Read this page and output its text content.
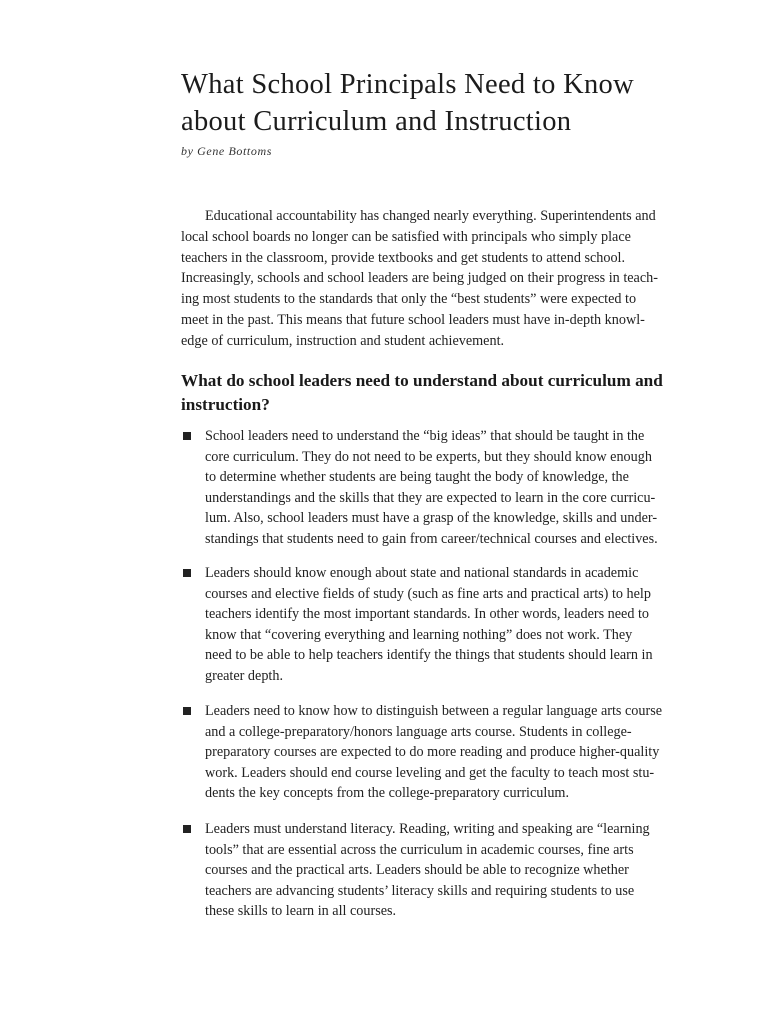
What School Principals Need to Know
about Curriculum and Instruction

by Gene Bottoms

Educational accountability has changed nearly everything. Superintendents and
local school boards no longer can be satisfied with principals who simply place
teachers in the classroom, provide textbooks and get students to attend school.
Increasingly, schools and school leaders are being judged on their progress in teach-
ing most students to the standards that only the “best students” were expected to
meet in the past. This means that future school leaders must have in-depth knowl-
edge of curriculum, instruction and student achievement.

What do school leaders need to understand about curriculum and
instruction?
School leaders need to understand the “big ideas” that should be taught in the
core curriculum. They do not need to be experts, but they should know enough
to determine whether students are being taught the body of knowledge, the
understandings and the skills that they are expected to learn in the core curricu-
lum. Also, school leaders must have a grasp of the knowledge, skills and under-
standings that students need to gain from career/technical courses and electives.
Leaders should know enough about state and national standards in academic
courses and elective fields of study (such as fine arts and practical arts) to help
teachers identify the most important standards. In other words, leaders need to
know that “covering everything and learning nothing” does not work. They
need to be able to help teachers identify the things that students should learn in
greater depth.
Leaders need to know how to distinguish between a regular language arts course
and a college-preparatory/honors language arts course. Students in college-
preparatory courses are expected to do more reading and produce higher-quality
work. Leaders should end course leveling and get the faculty to teach most stu-
dents the key concepts from the college-preparatory curriculum.
Leaders must understand literacy. Reading, writing and speaking are “learning
tools” that are essential across the curriculum in academic courses, fine arts
courses and the practical arts. Leaders should be able to recognize whether
teachers are advancing students’ literacy skills and requiring students to use
these skills to learn in all courses.
